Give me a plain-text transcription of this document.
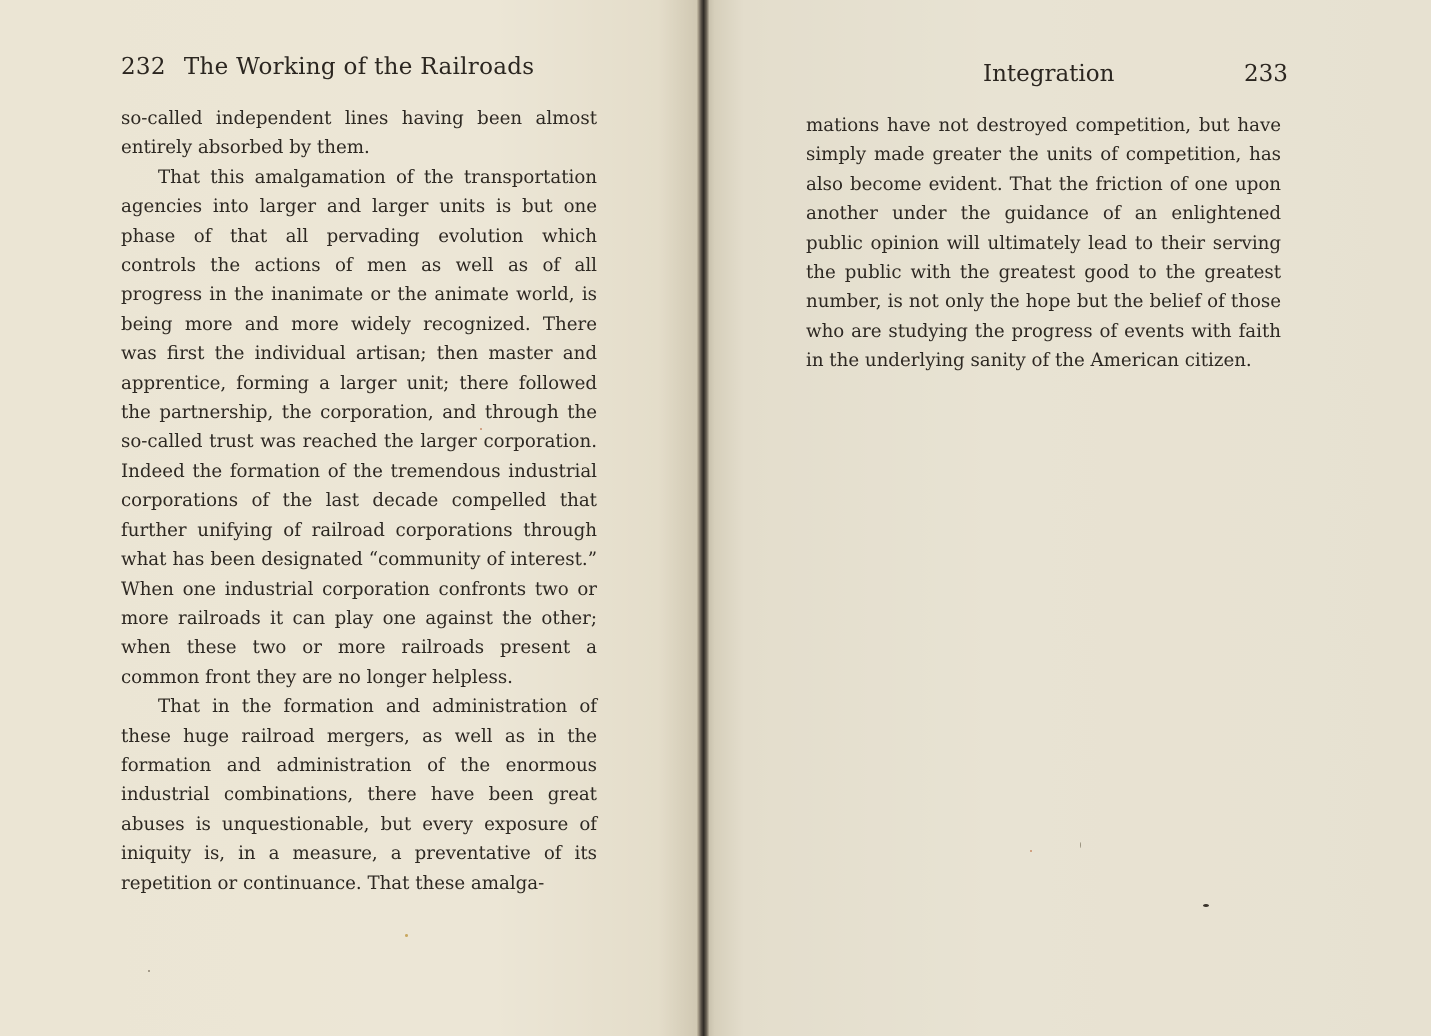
232 The Working of the Railroads

so-called independent lines having been almost entirely absorbed by them.

That this amalgamation of the transportation agencies into larger and larger units is but one phase of that all pervading evolution which controls the actions of men as well as of all progress in the inanimate or the animate world, is being more and more widely recognized. There was first the individual artisan; then master and apprentice, forming a larger unit; there followed the partnership, the corporation, and through the so-called trust was reached the larger corporation. Indeed the formation of the tremendous industrial corporations of the last decade compelled that further unifying of railroad corporations through what has been designated “community of interest.” When one industrial corporation confronts two or more railroads it can play one against the other; when these two or more railroads present a common front they are no longer helpless.

That in the formation and administration of these huge railroad mergers, as well as in the formation and administration of the enormous industrial combinations, there have been great abuses is unquestionable, but every exposure of iniquity is, in a measure, a preventative of its repetition or continuance. That these amalga-

Integration	233

mations have not destroyed competition, but have simply made greater the units of competition, has also become evident. That the friction of one upon another under the guidance of an enlightened public opinion will ultimately lead to their serving the public with the greatest good to the greatest number, is not only the hope but the belief of those who are studying the progress of events with faith in the underlying sanity of the American citizen.
